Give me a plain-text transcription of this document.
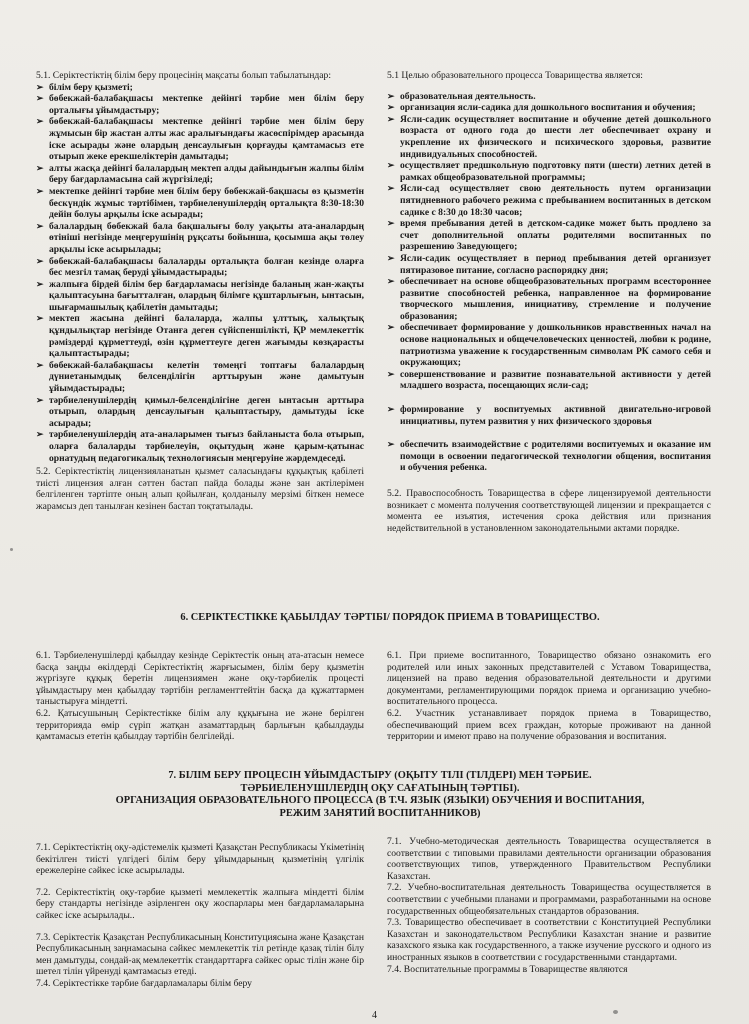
5.1. Серіктестіктің білім беру процесінің мақсаты болып табылатындар:

➢ білім беру қызметі;
➢ бөбекжай-балабақшасы мектепке дейінгі тәрбие мен білім беру орталығы ұйымдастыру;
➢ бөбекжай-балабақшасы мектепке дейінгі тәрбие мен білім беру жұмысын бір жастан алты жас аралығындағы жасөспірімдер арасында іске асырады және олардың денсаулығын қорғауды қамтамасыз ете отырып жеке ерекшеліктерін дамытады;
➢ алты жасқа дейінгі балалардың мектеп алды дайындығын жалпы білім беру бағдарламасына сай жүргізіледі;
➢ мектепке дейінгі тәрбие мен білім беру бөбекжай-бақшасы өз қызметін бескүндік жұмыс тәртібімен, тәрбиеленушілердің орталықта 8:30-18:30 дейін болуы арқылы іске асырады;
➢ балалардың бөбекжай бала бақшалығы болу уақыты ата-аналардың өтініші негізінде меңгерушінің рұқсаты бойынша, қосымша ақы төлеу арқылы іске асырылады;
➢ бөбекжай-балабақшасы балаларды орталықта болған кезінде оларға бес мезгіл тамақ беруді ұйымдастырады;
➢ жалпыға бірдей білім бер бағдарламасы негізінде баланың жан-жақты қалыптасуына бағытталған, олардың білімге құштарлығын, ынтасын, шығармашылық қабілетін дамытады;
➢ мектеп жасына дейінгі балаларда, жалпы ұлттық, халықтық құндылықтар негізінде Отанға деген сүйіспеншілікті, ҚР мемлекеттік рәміздерді құрметтеуді, өзін құрметтеуге деген жағымды көзқарасты қалыптастырады;
➢ бөбекжай-балабақшасы келетін төмеңгі топтағы балалардың дүниетанымдық белсенділігін арттыруын және дамытуын ұйымдастырады;
➢ тәрбиеленушілердің қимыл-белсенділігіне деген ынтасын арттыра отырып, олардың денсаулығын қалыптастыру, дамытуды іске асырады;
➢ тәрбиеленушілердің ата-аналарымен тығыз байланыста бола отырып, оларға балаларды тәрбиелеуін, оқытудың және қарым-қатынас орнатудың педагогикалық технологиясын меңгеруіне жәрдемдеседі.

5.2. Серіктестіктің лицензияланатын қызмет саласындағы құқықтық қабілеті тиісті лицензия алған сәттен бастап пайда болады және зан актілерімен белгіленген тәртіпте оның алып қойылған, қолданылу мерзімі біткен немесе жарамсыз деп танылған кезінен бастап тоқтатылады.

5.1 Целью образовательного процесса Товарищества является:

➢ образовательная деятельность.
➢ организация ясли-садика для дошкольного воспитания и обучения;
➢ Ясли-садик осуществляет воспитание и обучение детей дошкольного возраста от одного года до шести лет обеспечивает охрану и укрепление их физического и психического здоровья, развитие индивидуальных способностей.
➢ осуществляет предшкольную подготовку пяти (шести) летних детей в рамках общеобразовательной программы;
➢ Ясли-сад осуществляет свою деятельность путем организации пятидневного рабочего режима с пребыванием воспитанных в детском садике с 8:30 до 18:30 часов;
➢ время пребывания детей в детском-садике может быть продлено за счет дополнительной оплаты родителями воспитанных по разрешению Заведующего;
➢ Ясли-садик осуществляет в период пребывания детей организует пятиразовое питание, согласно распорядку дня;
➢ обеспечивает на основе общеобразовательных программ всестороннее развитие способностей ребенка, направленное на формирование творческого мышления, инициативу, стремление и получение образования;
➢ обеспечивает формирование у дошкольников нравственных начал на основе национальных и общечеловеческих ценностей, любви к родине, патриотизма уважение к государственным символам РК самого себя и окружающих;
➢ совершенствование и развитие познавательной активности у детей младшего возраста, посещающих ясли-сад;
➢ формирование у воспитуемых активной двигательно-игровой инициативы, путем развития у них физического здоровья
➢ обеспечить взаимодействие с родителями воспитуемых и оказание им помощи в освоении педагогической технологии общения, воспитания и обучения ребенка.

5.2. Правоспособность Товарищества в сфере лицензируемой деятельности возникает с момента получения соответствующей лицензии и прекращается с момента ее изъятия, истечения срока действия или признания недействительной в установленном законодательными актами порядке.

6. СЕРІКТЕСТІККЕ ҚАБЫЛДАУ ТӘРТІБІ/ ПОРЯДОК ПРИЕМА В ТОВАРИЩЕСТВО.

6.1. Тәрбиеленушілерді қабылдау кезінде Серіктестік оның ата-атасын немесе басқа заңды өкілдерді Серіктестіктің жарғысымен, білім беру қызметін жүргізуге құқық беретін лицензиямен және оқу-тәрбиелік процесті ұйымдастыру мен қабылдау тәртібін регламенттейтін басқа да құжаттармен таныстыруға міндетті.

6.2. Қатысушының Серіктестікке білім алу құқығына ие және берілген территорияда өмір сүріп жатқан азаматтардың барлығын қабылдауды қамтамасыз ететін қабылдау тәртібін белгілейді.

6.1. При приеме воспитанного, Товарищество обязано ознакомить его родителей или иных законных представителей с Уставом Товарищества, лицензией на право ведения образовательной деятельности и другими документами, регламентирующими порядок приема и организацию учебно-воспитательного процесса.

6.2. Участник устанавливает порядок приема в Товарищество, обеспечивающий прием всех граждан, которые проживают на данной территории и имеют право на получение образования и воспитания.

7. БІЛІМ БЕРУ ПРОЦЕСІН ҰЙЫМДАСТЫРУ (ОҚЫТУ ТІЛІ (ТІЛДЕРІ) МЕН ТӘРБИЕ.
ТӘРБИЕЛЕНУШІЛЕРДІҢ ОҚУ САҒАТЫНЫҢ ТӘРТІБІ).
ОРГАНИЗАЦИЯ ОБРАЗОВАТЕЛЬНОГО ПРОЦЕССА (В Т.Ч. ЯЗЫК (ЯЗЫКИ) ОБУЧЕНИЯ И ВОСПИТАНИЯ,
РЕЖИМ ЗАНЯТИЙ ВОСПИТАННИКОВ)

7.1. Серіктестіктің оқу-әдістемелік қызметі Қазақстан Республикасы Үкіметінің бекітілген тиісті үлгідегі білім беру ұйымдарының қызметінің үлгілік ережелеріне сәйкес іске асырылады.

7.2. Серіктестіктің оқу-тәрбие қызметі мемлекеттік жалпыға міндетті білім беру стандарты негізінде әзірленген оқу жоспарлары мен бағдарламаларына сәйкес іске асырылады..

7.3. Серіктестік Қазақстан Республикасының Конституциясына және Қазақстан Республикасының заңнамасына сәйкес мемлекеттік тіл ретінде қазақ тілін білу мен дамытуды, сондай-ақ мемлекеттік стандарттарға сәйкес орыс тілін және бір шетел тілін үйренуді қамтамасыз етеді.

7.4. Серіктестікке тәрбие бағдарламалары білім беру

7.1. Учебно-методическая деятельность Товарищества осуществляется в соответствии с типовыми правилами деятельности организации образования соответствующих типов, утвержденного Правительством Республики Казахстан.

7.2. Учебно-воспитательная деятельность Товарищества осуществляется в соответствии с учебными планами и программами, разработанными на основе государственных общеобязательных стандартов образования.

7.3. Товарищество обеспечивает в соответствии с Конституцией Республики Казахстан и законодательством Республики Казахстан знание и развитие казахского языка как государственного, а также изучение русского и одного из иностранных языков в соответствии с государственными стандартами.

7.4. Воспитательные программы в Товариществе являются

4
